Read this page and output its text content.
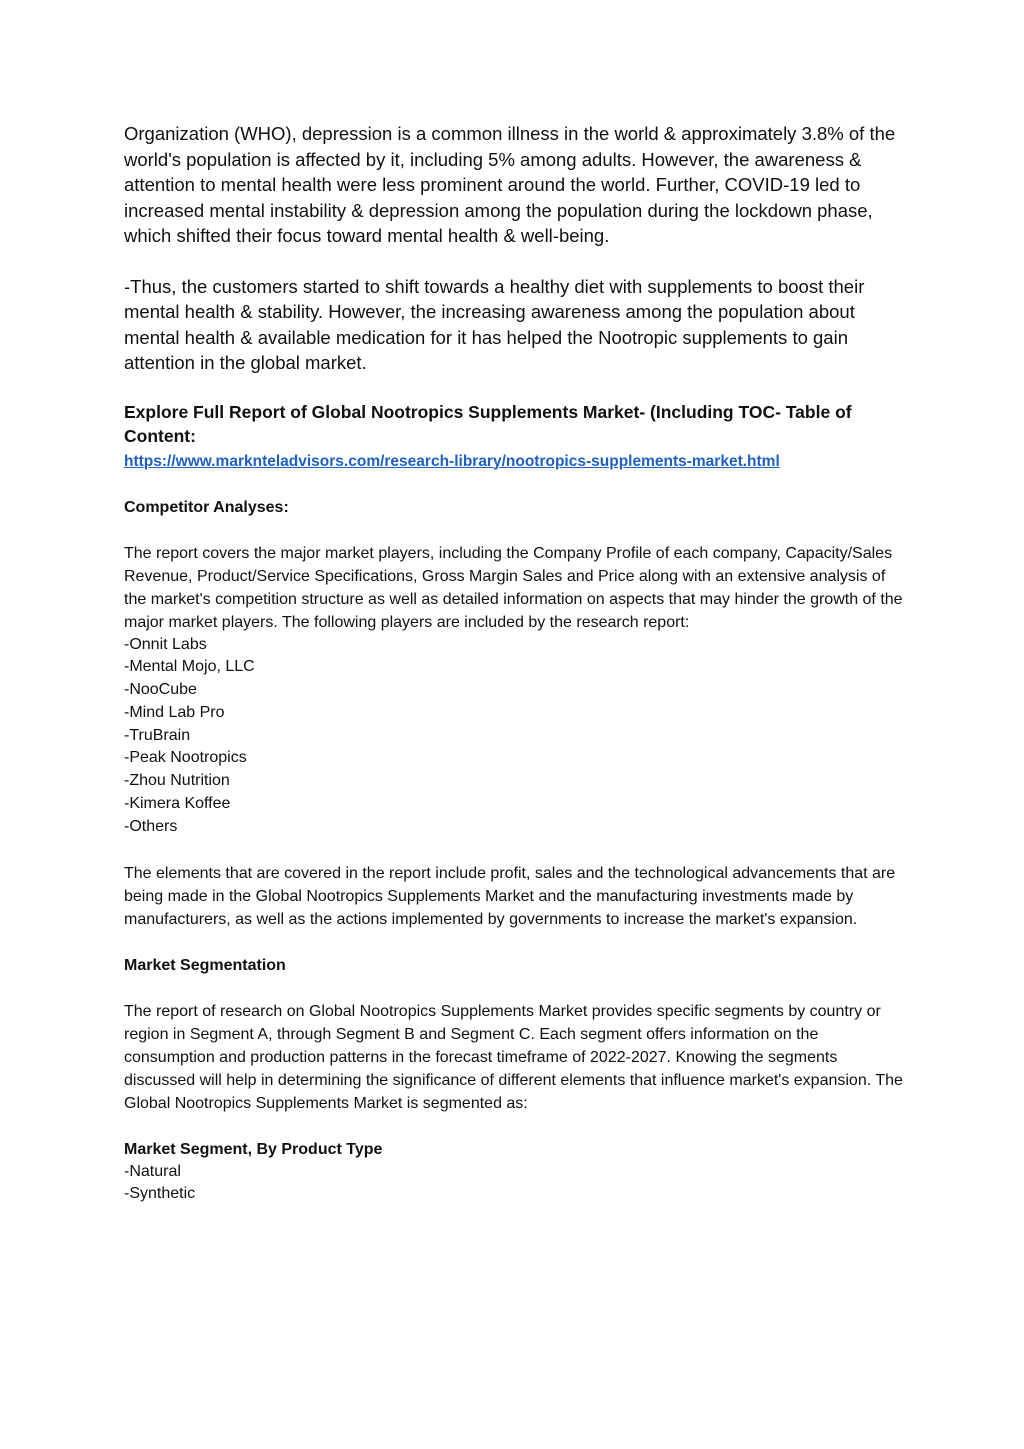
Organization (WHO), depression is a common illness in the world & approximately 3.8% of the world's population is affected by it, including 5% among adults. However, the awareness & attention to mental health were less prominent around the world. Further, COVID-19 led to increased mental instability & depression among the population during the lockdown phase, which shifted their focus toward mental health & well-being.

-Thus, the customers started to shift towards a healthy diet with supplements to boost their mental health & stability. However, the increasing awareness among the population about mental health & available medication for it has helped the Nootropic supplements to gain attention in the global market.

Explore Full Report of Global Nootropics Supplements Market- (Including TOC- Table of Content:
https://www.marknteladvisors.com/research-library/nootropics-supplements-market.html
Competitor Analyses:

The report covers the major market players, including the Company Profile of each company, Capacity/Sales Revenue, Product/Service Specifications, Gross Margin Sales and Price along with an extensive analysis of the market's competition structure as well as detailed information on aspects that may hinder the growth of the major market players. The following players are included by the research report:

-Onnit Labs
-Mental Mojo, LLC
-NooCube
-Mind Lab Pro
-TruBrain
-Peak Nootropics
-Zhou Nutrition
-Kimera Koffee
-Others

The elements that are covered in the report include profit, sales and the technological advancements that are being made in the Global Nootropics Supplements Market and the manufacturing investments made by manufacturers, as well as the actions implemented by governments to increase the market's expansion.

Market Segmentation

The report of research on Global Nootropics Supplements Market provides specific segments by country or region in Segment A, through Segment B and Segment C. Each segment offers information on the consumption and production patterns in the forecast timeframe of 2022-2027. Knowing the segments discussed will help in determining the significance of different elements that influence market's expansion. The Global Nootropics Supplements Market is segmented as:

Market Segment, By Product Type
-Natural
-Synthetic
